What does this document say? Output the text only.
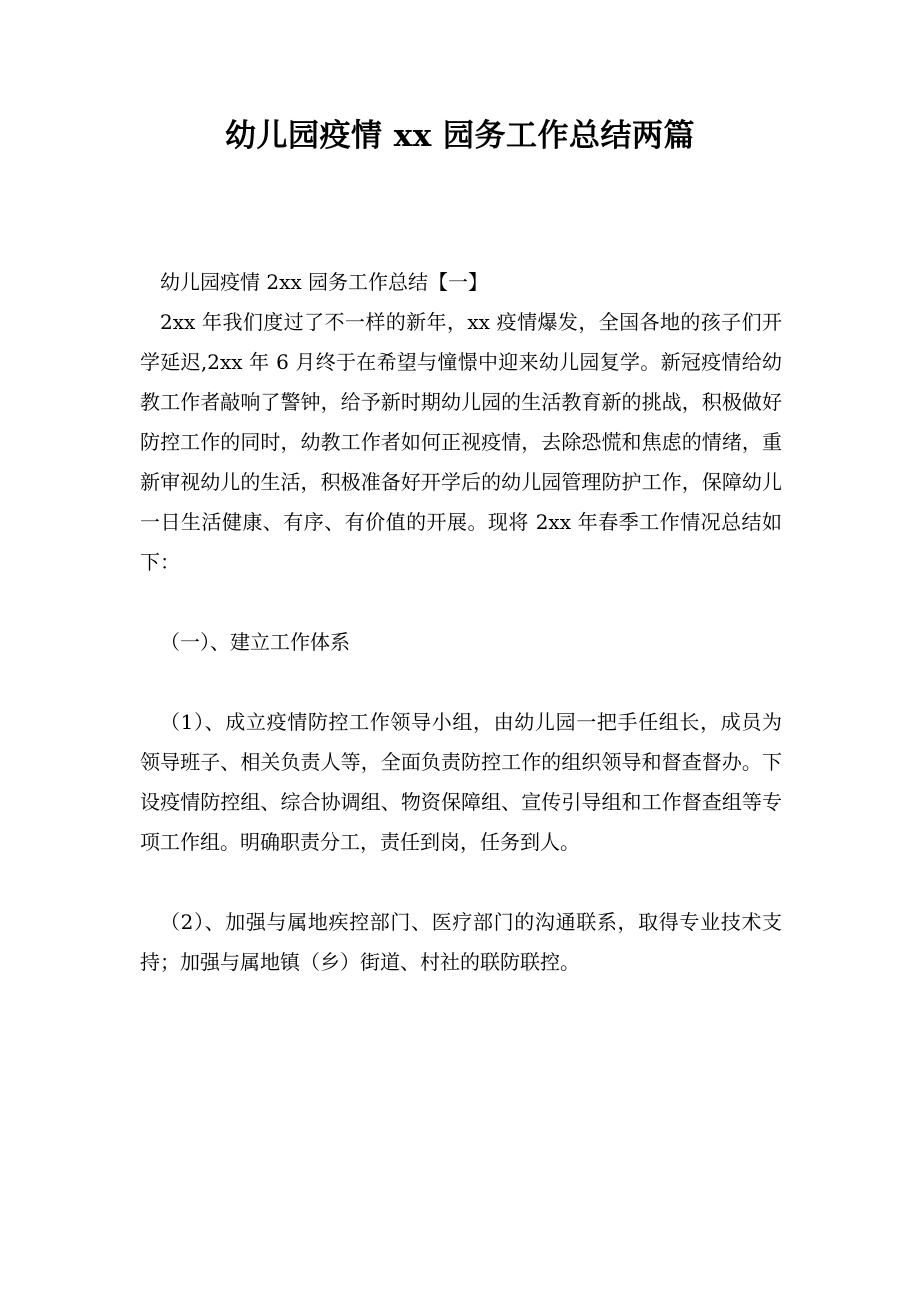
幼儿园疫情 xx 园务工作总结两篇

幼儿园疫情 2xx 园务工作总结【一】

2xx 年我们度过了不一样的新年，xx 疫情爆发，全国各地的孩子们开学延迟,2xx 年 6 月终于在希望与憧憬中迎来幼儿园复学。新冠疫情给幼教工作者敲响了警钟，给予新时期幼儿园的生活教育新的挑战，积极做好防控工作的同时，幼教工作者如何正视疫情，去除恐慌和焦虑的情绪，重新审视幼儿的生活，积极准备好开学后的幼儿园管理防护工作，保障幼儿一日生活健康、有序、有价值的开展。现将 2xx 年春季工作情况总结如下：

（一）、建立工作体系

（1）、成立疫情防控工作领导小组，由幼儿园一把手任组长，成员为领导班子、相关负责人等，全面负责防控工作的组织领导和督查督办。下设疫情防控组、综合协调组、物资保障组、宣传引导组和工作督查组等专项工作组。明确职责分工，责任到岗，任务到人。

（2）、加强与属地疾控部门、医疗部门的沟通联系，取得专业技术支持；加强与属地镇（乡）街道、村社的联防联控。
